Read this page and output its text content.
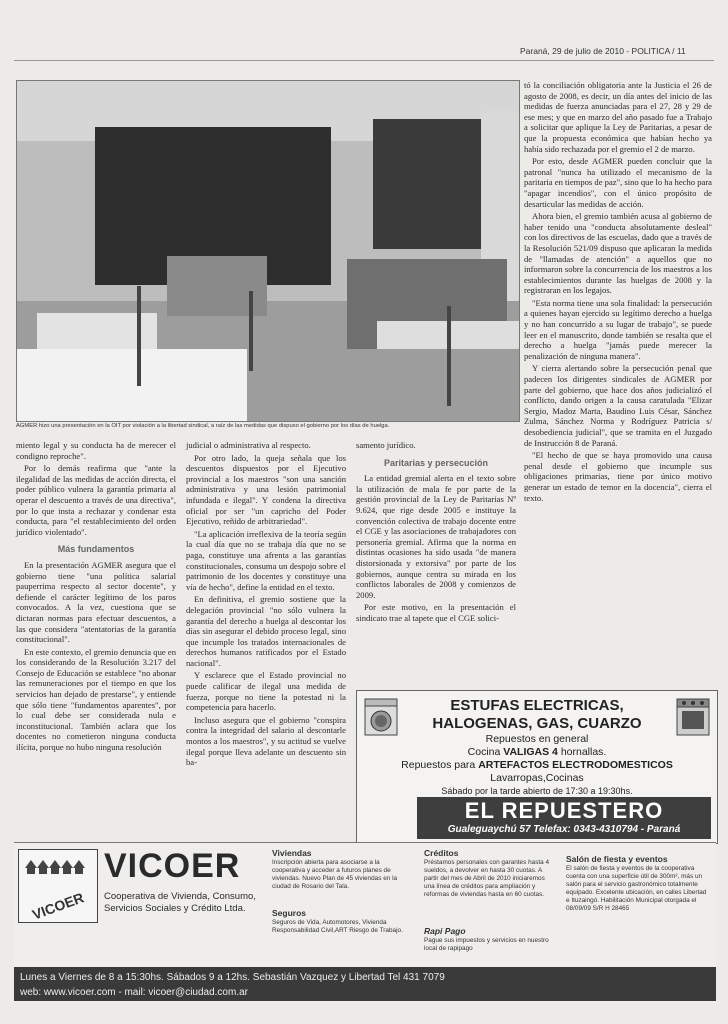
Paraná, 29 de julio de 2010 - POLITICA / 11
AGMER hizo una presentación en la OIT por violación a la libertad sindical, a raíz de las medidas que dispuso el gobierno por los días de huelga.

tó la conciliación obligatoria ante la Justicia el 26 de agosto de 2008, es decir, un día antes del inicio de las medidas de fuerza anunciadas para el 27, 28 y 29 de ese mes; y que en marzo del año pasado fue a Trabajo a solicitar que aplique la Ley de Paritarias, a pesar de que la propuesta económica que habían hecho ya había sido rechazada por el gremio el 2 de marzo.

Por esto, desde AGMER pueden concluir que la patronal "nunca ha utilizado el mecanismo de la paritaria en tiempos de paz", sino que lo ha hecho para "apagar incendios", con el único propósito de desarticular las medidas de acción.

Ahora bien, el gremio también acusa al gobierno de haber tenido una "conducta absolutamente desleal" con los directivos de las escuelas, dado que a través de la Resolución 521/09 dispuso que aplicaran la medida de "llamadas de atención" a aquellos que no informaron sobre la concurrencia de los maestros a los establecimientos durante las huelgas de 2008 y la registraran en los legajos.

"Esta norma tiene una sola finalidad: la persecución a quienes hayan ejercido su legítimo derecho a huelga y no han concurrido a su lugar de trabajo", se puede leer en el manuscrito, donde también se resalta que el derecho a huelga "jamás puede merecer la penalización de ninguna manera".

Y cierra alertando sobre la persecución penal que padecen los dirigentes sindicales de AGMER por parte del gobierno, que hace dos años judicializó el conflicto, dando origen a la causa caratulada "Elizar Sergio, Madoz Marta, Baudino Luis César, Sánchez Zulma, Sánchez Norma y Rodríguez Patricia s/ desobediencia judicial", que se tramita en el Juzgado de Instrucción 8 de Paraná.

"El hecho de que se haya promovido una causa penal desde el gobierno que incumple sus obligaciones primarias, tiene por único motivo generar un estado de temor en la docencia", cierra el texto.

miento legal y su conducta ha de merecer el condigno reproche".

Por lo demás reafirma que "ante la ilegalidad de las medidas de acción directa, el poder público vulnera la garantía primaria al operar el descuento a través de una directiva", por lo que insta a rechazar y condenar esta conducta, para "el restablecimiento del orden jurídico violentado".

Más fundamentos

En la presentación AGMER asegura que el gobierno tiene "una política salarial pauperrima respecto al sector docente", y defiende el carácter legítimo de los paros convocados. A la vez, cuestiona que se dictaran normas para efectuar descuentos, a las que considera "atentatorias de la garantía constitucional".

En este contexto, el gremio denuncia que en los considerando de la Resolución 3.217 del Consejo de Educación se establece "no abonar las remuneraciones por el tiempo en que los servicios han dejado de prestarse", y entiende que sólo tiene "fundamentos aparentes", por lo cual debe ser considerada nula e inconstitucional. También aclara que los docentes no cometieron ninguna conducta ilícita, porque no hubo ninguna resolución

judicial o administrativa al respecto.

Por otro lado, la queja señala que los descuentos dispuestos por el Ejecutivo provincial a los maestros "son una sanción administrativa y una lesión patrimonial infundada e ilegal". Y condena la directiva oficial por ser "un capricho del Poder Ejecutivo, reñido de arbitrariedad".

"La aplicación irreflexiva de la teoría según la cual día que no se trabaja día que no se paga, constituye una afrenta a las garantías constitucionales, consuma un despojo sobre el patrimonio de los docentes y constituye una vía de hecho", define la entidad en el texto.

En definitiva, el gremio sostiene que la delegación provincial "no sólo vulnera la garantía del derecho a huelga al descontar los días sin asegurar el debido proceso legal, sino que incumple los tratados internacionales de derechos humanos ratificados por el Estado nacional".

Y esclarece que el Estado provincial no puede calificar de ilegal una medida de fuerza, porque no tiene la potestad ni la competencia para hacerlo.

Incluso asegura que el gobierno "conspira contra la integridad del salario al descontarle montos a los maestros", y su actitud se vuelve ilegal porque lleva adelante un descuento sin ba-

samento jurídico.

Paritarias y persecución

La entidad gremial alerta en el texto sobre la utilización de mala fe por parte de la gestión provincial de la Ley de Paritarias Nº 9.624, que rige desde 2005 e instituye la convención colectiva de trabajo docente entre el CGE y las asociaciones de trabajadores con personería gremial. Afirma que la norma en distintas ocasiones ha sido usada "de manera distorsionada y extorsiva" por parte de los gobiernos, aunque centra su mirada en los conflictos laborales de 2008 y comienzos de 2009.

Por este motivo, en la presentación el sindicato trae al tapete que el CGE solici-

ESTUFAS ELECTRICAS,
HALOGENAS, GAS, CUARZO
Repuestos en general
Cocina VALIGAS 4 hornallas.
Repuestos para ARTEFACTOS ELECTRODOMESTICOS
Lavarropas,Cocinas
Sábado por la tarde abierto de 17:30 a 19:30hs.
EL REPUESTERO
Gualeguaychú 57 Telefax: 0343-4310794 - Paraná
VICOER
VICOER
Cooperativa de Vivienda, Consumo, Servicios Sociales y Crédito Ltda.
Viviendas
Inscripción abierta para asociarse a la cooperativa y acceder a futuros planes de viviendas. Nuevo Plan de 45 viviendas en la ciudad de Rosario del Tala.
Seguros
Seguros de Vida, Automotores, Vivienda Responsabilidad Civil,ART Riesgo de Trabajo.
Créditos
Préstamos personales con garantes hasta 4 sueldos, a devolver en hasta 30 cuotas. A partir del mes de Abril de 2010 iniciaremos una línea de créditos para ampliación y reformas de viviendas hasta en 60 cuotas.
Rapi Pago
Pague sus impuestos y servicios en nuestro local de rapipago
Salón de fiesta y eventos
El salón de fiesta y eventos de la cooperativa cuenta con una superficie útil de 300m², más un salón para el servicio gastronómico totalmente equipado. Excelente ubicación, en calles Libertad e Ituzaingó. Habilitación Municipal otorgada el 08/09/09 S/R H 28465
Lunes a Viernes de 8 a 15:30hs. Sábados 9 a 12hs. Sebastián Vazquez y Libertad Tel 431 7079
web: www.vicoer.com - mail: vicoer@ciudad.com.ar
